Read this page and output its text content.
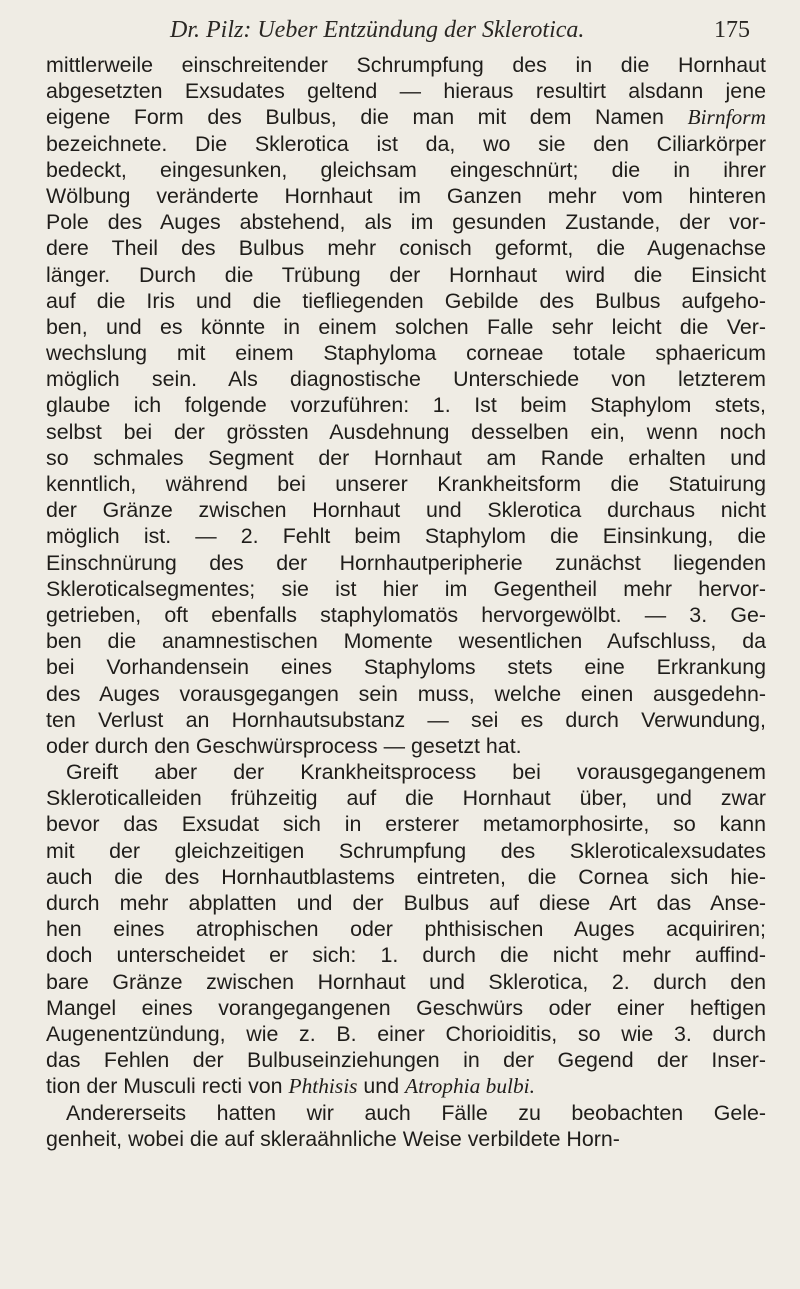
Dr. Pilz: Ueber Entzündung der Sklerotica.	175
mittlerweile einschreitender Schrumpfung des in die Hornhaut
abgesetzten Exsudates geltend — hieraus resultirt alsdann jene
eigene Form des Bulbus, die man mit dem Namen Birnform
bezeichnete. Die Sklerotica ist da, wo sie den Ciliarkörper
bedeckt, eingesunken, gleichsam eingeschnürt; die in ihrer
Wölbung veränderte Hornhaut im Ganzen mehr vom hinteren
Pole des Auges abstehend, als im gesunden Zustande, der vor-
dere Theil des Bulbus mehr conisch geformt, die Augenachse
länger. Durch die Trübung der Hornhaut wird die Einsicht
auf die Iris und die tiefliegenden Gebilde des Bulbus aufgeho-
ben, und es könnte in einem solchen Falle sehr leicht die Ver-
wechslung mit einem Staphyloma corneae totale sphaericum
möglich sein. Als diagnostische Unterschiede von letzterem
glaube ich folgende vorzuführen: 1. Ist beim Staphylom stets,
selbst bei der grössten Ausdehnung desselben ein, wenn noch
so schmales Segment der Hornhaut am Rande erhalten und
kenntlich, während bei unserer Krankheitsform die Statuirung
der Gränze zwischen Hornhaut und Sklerotica durchaus nicht
möglich ist. — 2. Fehlt beim Staphylom die Einsinkung, die
Einschnürung des der Hornhautperipherie zunächst liegenden
Skleroticalsegmentes; sie ist hier im Gegentheil mehr hervor-
getrieben, oft ebenfalls staphylomatös hervorgewölbt. — 3. Ge-
ben die anamnestischen Momente wesentlichen Aufschluss, da
bei Vorhandensein eines Staphyloms stets eine Erkrankung
des Auges vorausgegangen sein muss, welche einen ausgedehn-
ten Verlust an Hornhautsubstanz — sei es durch Verwundung,
oder durch den Geschwürsprocess — gesetzt hat.
Greift aber der Krankheitsprocess bei vorausgegangenem
Skleroticalleiden frühzeitig auf die Hornhaut über, und zwar
bevor das Exsudat sich in ersterer metamorphosirte, so kann
mit der gleichzeitigen Schrumpfung des Skleroticalexsudates
auch die des Hornhautblastems eintreten, die Cornea sich hie-
durch mehr abplatten und der Bulbus auf diese Art das Anse-
hen eines atrophischen oder phthisischen Auges acquiriren;
doch unterscheidet er sich: 1. durch die nicht mehr auffind-
bare Gränze zwischen Hornhaut und Sklerotica, 2. durch den
Mangel eines vorangegangenen Geschwürs oder einer heftigen
Augenentzündung, wie z. B. einer Chorioiditis, so wie 3. durch
das Fehlen der Bulbuseinziehungen in der Gegend der Inser-
tion der Musculi recti von Phthisis und Atrophia bulbi.
Andererseits hatten wir auch Fälle zu beobachten Gele-
genheit, wobei die auf skleraähnliche Weise verbildete Horn-
